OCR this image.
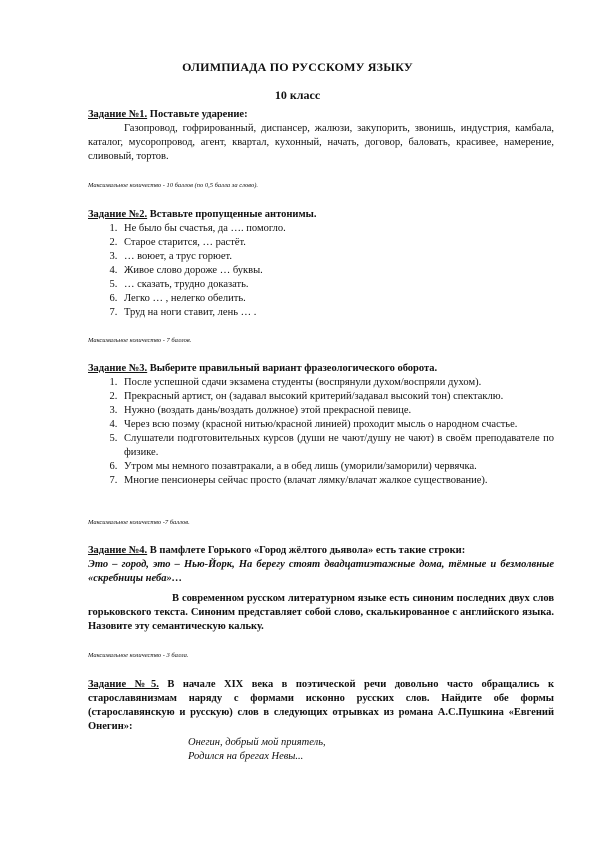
ОЛИМПИАДА ПО РУССКОМУ ЯЗЫКУ
10 класс
Задание №1. Поставьте ударение:
Газопровод, гофрированный, диспансер, жалюзи, закупорить, звонишь, индустрия, камбала, каталог, мусоропровод, агент, квартал, кухонный, начать, договор, баловать, красивее, намерение, сливовый, тортов.
Максимальное количество - 10 баллов (по 0,5 балла за слово).
Задание №2. Вставьте пропущенные антонимы.
1. Не было бы счастья, да …. помогло.
2. Старое старится, … растёт.
3. … воюет, а трус горюет.
4. Живое слово дороже … буквы.
5. … сказать, трудно доказать.
6. Легко … , нелегко обелить.
7. Труд на ноги ставит, лень … .
Максимальное количество - 7 баллов.
Задание №3. Выберите правильный вариант фразеологического оборота.
1. После успешной сдачи экзамена студенты (воспрянули духом/воспряли духом).
2. Прекрасный артист, он (задавал высокий критерий/задавал высокий тон) спектаклю.
3. Нужно (воздать дань/воздать должное) этой прекрасной певице.
4. Через всю поэму (красной нитью/красной линией) проходит мысль о народном счастье.
5. Слушатели подготовительных курсов (души не чают/душу не чают) в своём преподавателе по физике.
6. Утром мы немного позавтракали, а в обед лишь (уморили/заморили) червячка.
7. Многие пенсионеры сейчас просто (влачат лямку/влачат жалкое существование).
Максимальное количество -7 баллов.
Задание №4. В памфлете Горького «Город жёлтого дьявола» есть такие строки:
Это – город, это – Нью-Йорк, На берегу стоят двадцатиэтажные дома, тёмные и безмолвные «скребницы неба»…
В современном русском литературном языке есть синоним последних двух слов горьковского текста. Синоним представляет собой слово, скалькированное с английского языка. Назовите эту семантическую кальку.
Максимальное количество - 3 балла.
Задание №5. В начале XIX века в поэтической речи довольно часто обращались к старославянизмам наряду с формами исконно русских слов. Найдите обе формы (старославянскую и русскую) слов в следующих отрывках из романа А.С.Пушкина «Евгений Онегин»:
Онегин, добрый мой приятель,
Родился на брегах Невы...
